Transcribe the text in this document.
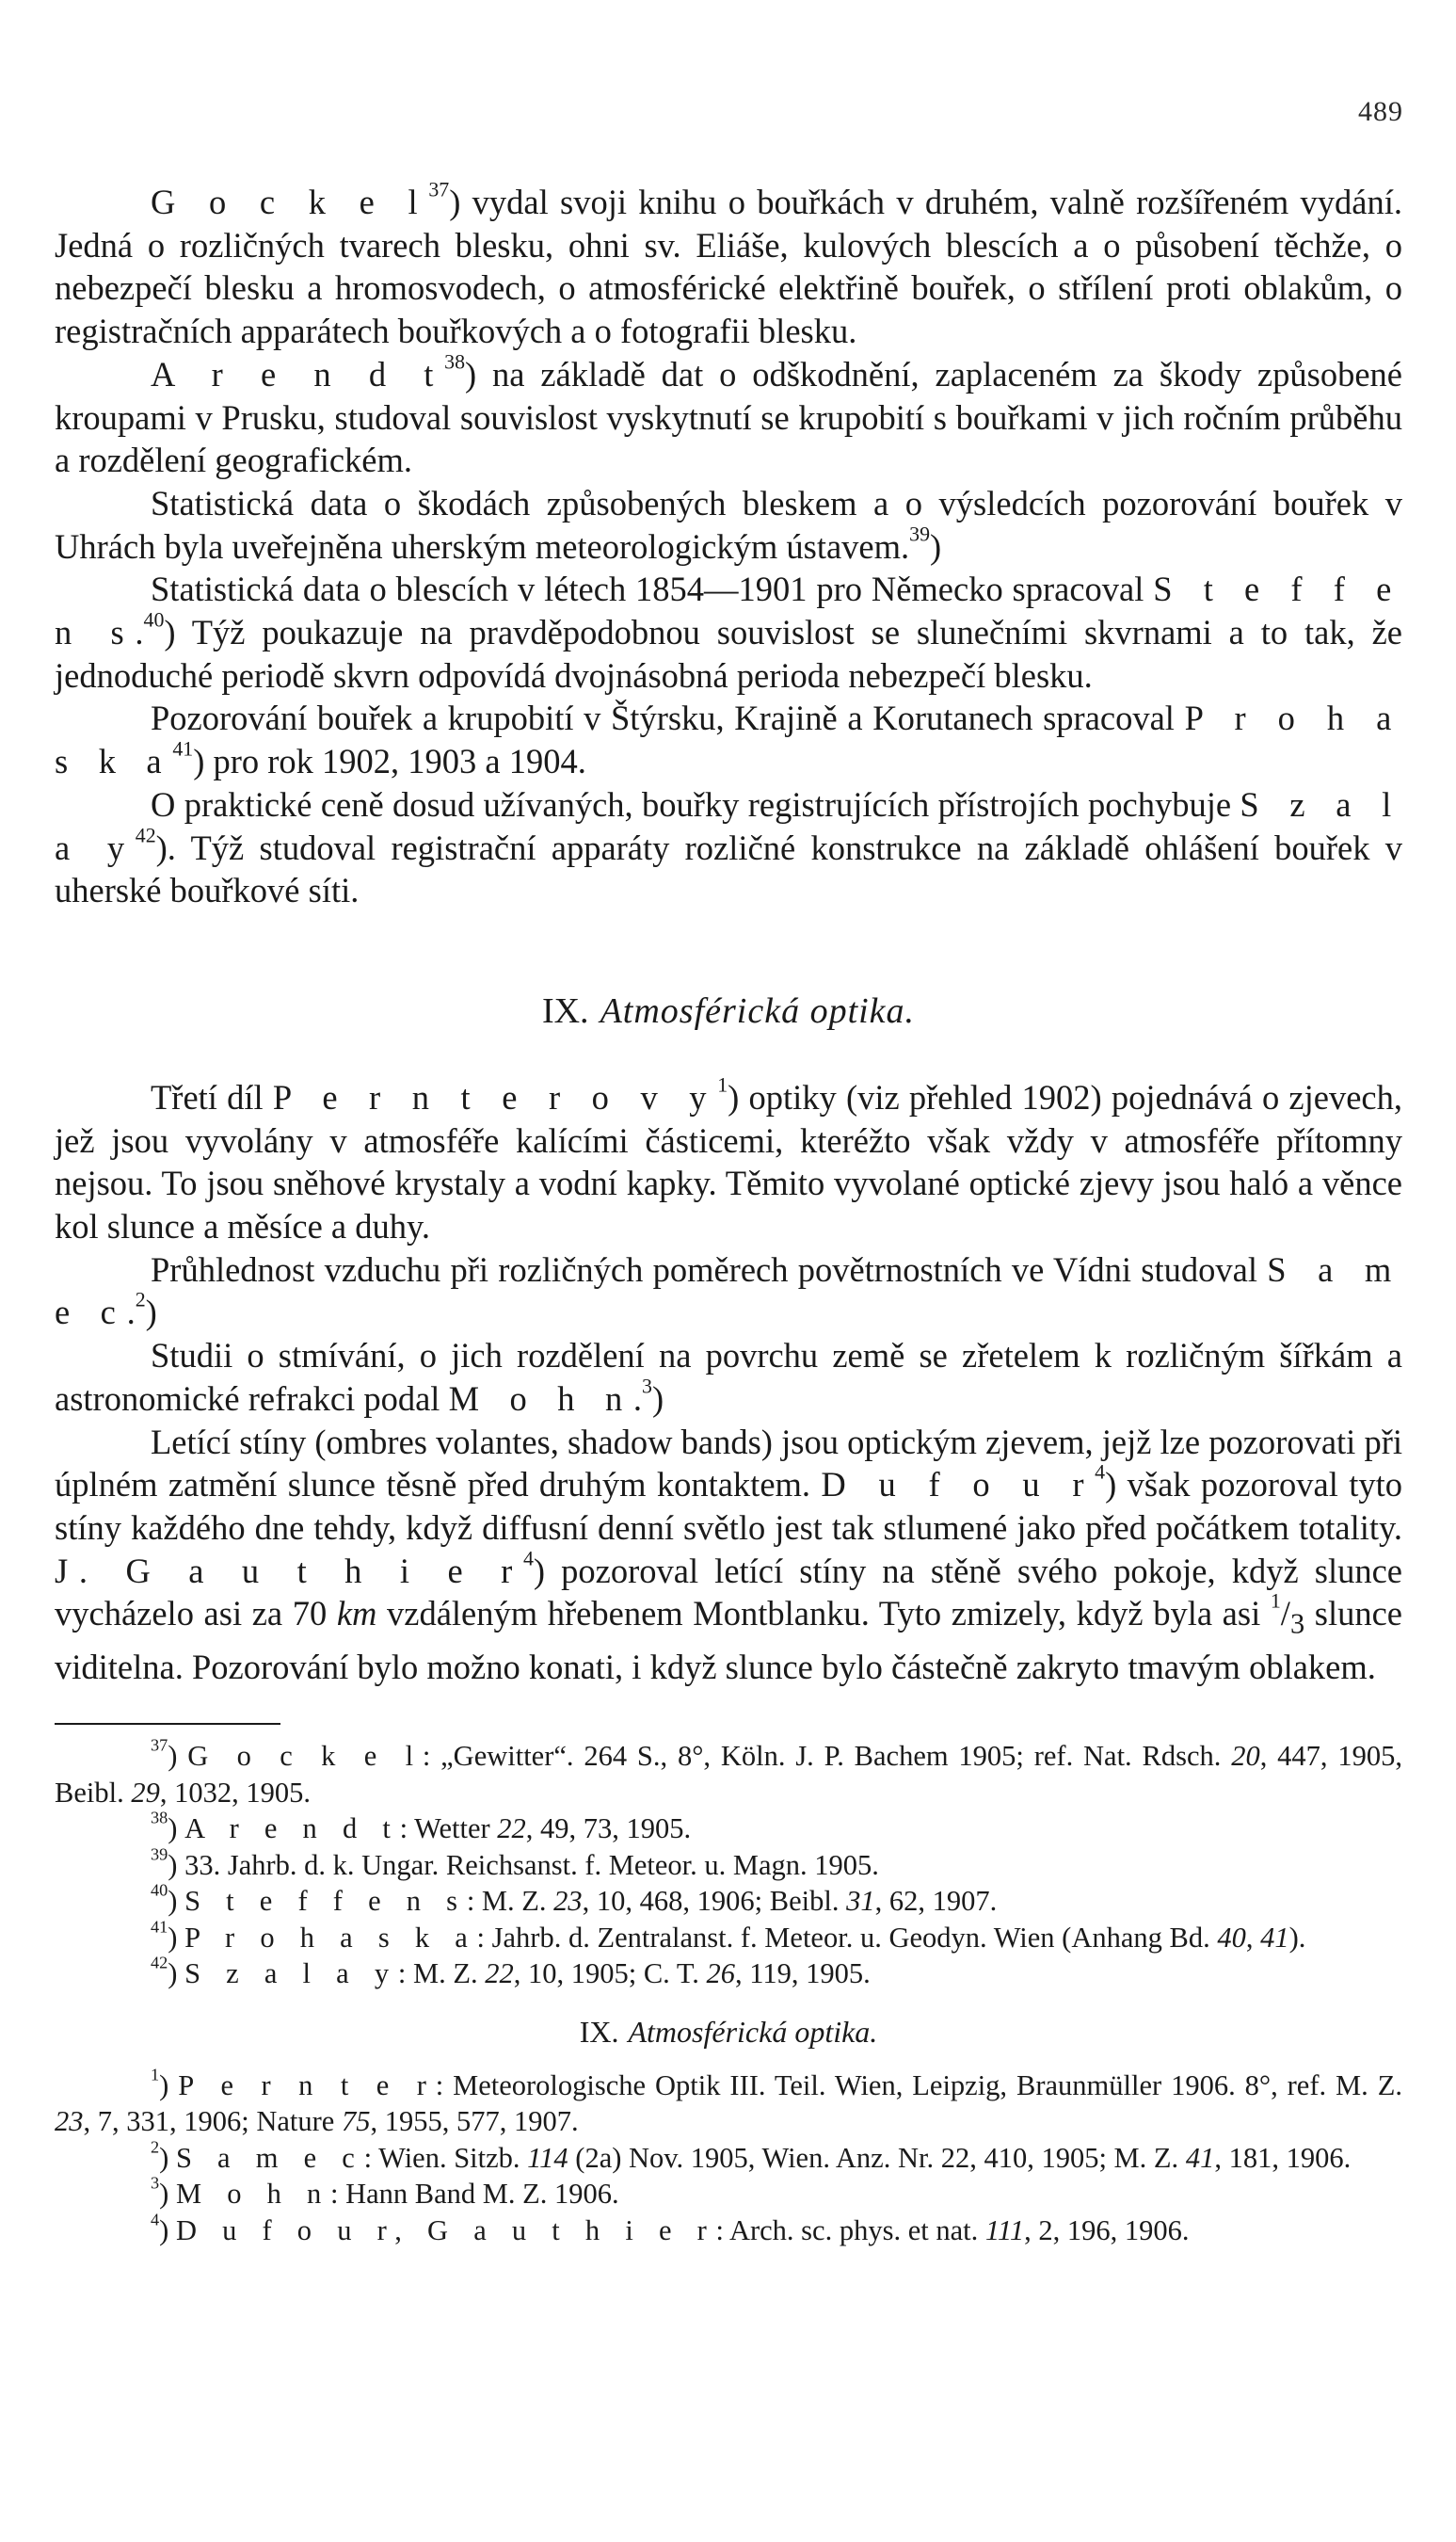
489

G o c k e $l^{37}$) vydal svoji knihu o bouřkách v druhém, valně rozšířeném vydání. Jedná o rozličných tvarech blesku, ohni sv. Eliáše, kulových blescích a o působení těchže, o nebezpečí blesku a hromosvodech, o atmosférické elektřině bouřek, o střílení proti oblakům, o registračních apparátech bouřkových a o fotografii blesku.

A r e n d $t^{38}$) na základě dat o odškodnění, zaplaceném za škody způsobené kroupami v Prusku, studoval souvislost vyskytnutí se krupobití s bouřkami v jich ročním průběhu a rozdělení geografickém.

Statistická data o škodách způsobených bleskem a o výsledcích pozorování bouřek v Uhrách byla uveřejněna uherským meteorologickým ústavem.$^{39}$)

Statistická data o blescích v létech 1854—1901 pro Německo spracoval S t e f f e n s.$^{40}$) Týž poukazuje na pravděpodobnou souvislost se slunečními skvrnami a to tak, že jednoduché periodě skvrn odpovídá dvojnásobná perioda nebezpečí blesku.

Pozorování bouřek a krupobití v Štýrsku, Krajině a Korutanech spracoval P r o h a s k $a^{41}$) pro rok 1902, 1903 a 1904.

O praktické ceně dosud užívaných, bouřky registrujících přístrojích pochybuje S z a l a $y^{42}$). Týž studoval registrační apparáty rozličné konstrukce na základě ohlášení bouřek v uherské bouřkové síti.

IX. Atmosférická optika.

Třetí díl P e r n t e r o v $y^1$) optiky (viz přehled 1902) pojednává o zjevech, jež jsou vyvolány v atmosféře kalícími částicemi, kteréžto však vždy v atmosféře přítomny nejsou. To jsou sněhové krystaly a vodní kapky. Těmito vyvolané optické zjevy jsou haló a věnce kol slunce a měsíce a duhy.

Průhlednost vzduchu při rozličných poměrech povětrnostních ve Vídni studoval S a m e c.$^2$)

Studii o stmívání, o jich rozdělení na povrchu země se zřetelem k rozličným šířkám a astronomické refrakci podal M o h n.$^3$)

Letící stíny (ombres volantes, shadow bands) jsou optickým zjevem, jejž lze pozorovati při úplném zatmění slunce těsně před druhým kontaktem. D u f o u $r^4$) však pozoroval tyto stíny každého dne tehdy, když diffusní denní světlo jest tak stlumené jako před počátkem totality. J. G a u t h i e $r^4$) pozoroval letící stíny na stěně svého pokoje, když slunce vycházelo asi za 70 km vzdáleným hřebenem Montblanku. Tyto zmizely, když byla asi $^1/_3$ slunce viditelna. Pozorování bylo možno konati, i když slunce bylo částečně zakryto tmavým oblakem.

$^{37}$) G o c k e l: „Gewitter“. 264 S., 8°, Köln. J. P. Bachem 1905; ref. Nat. Rdsch. 20, 447, 1905, Beibl. 29, 1032, 1905.

$^{38}$) A r e n d t: Wetter 22, 49, 73, 1905.

$^{39}$) 33. Jahrb. d. k. Ungar. Reichsanst. f. Meteor. u. Magn. 1905.

$^{40}$) S t e f f e n s: M. Z. 23, 10, 468, 1906; Beibl. 31, 62, 1907.

$^{41}$) P r o h a s k a: Jahrb. d. Zentralanst. f. Meteor. u. Geodyn. Wien (Anhang Bd. 40, 41).

$^{42}$) S z a l a y: M. Z. 22, 10, 1905; C. T. 26, 119, 1905.

IX. Atmosférická optika.

$^1$) P e r n t e r: Meteorologische Optik III. Teil. Wien, Leipzig, Braunmüller 1906. 8°, ref. M. Z. 23, 7, 331, 1906; Nature 75, 1955, 577, 1907.

$^2$) S a m e c: Wien. Sitzb. 114 (2a) Nov. 1905, Wien. Anz. Nr. 22, 410, 1905; M. Z. 41, 181, 1906.

$^3$) M o h n: Hann Band M. Z. 1906.

$^4$) D u f o u r, G a u t h i e r: Arch. sc. phys. et nat. 111, 2, 196, 1906.
